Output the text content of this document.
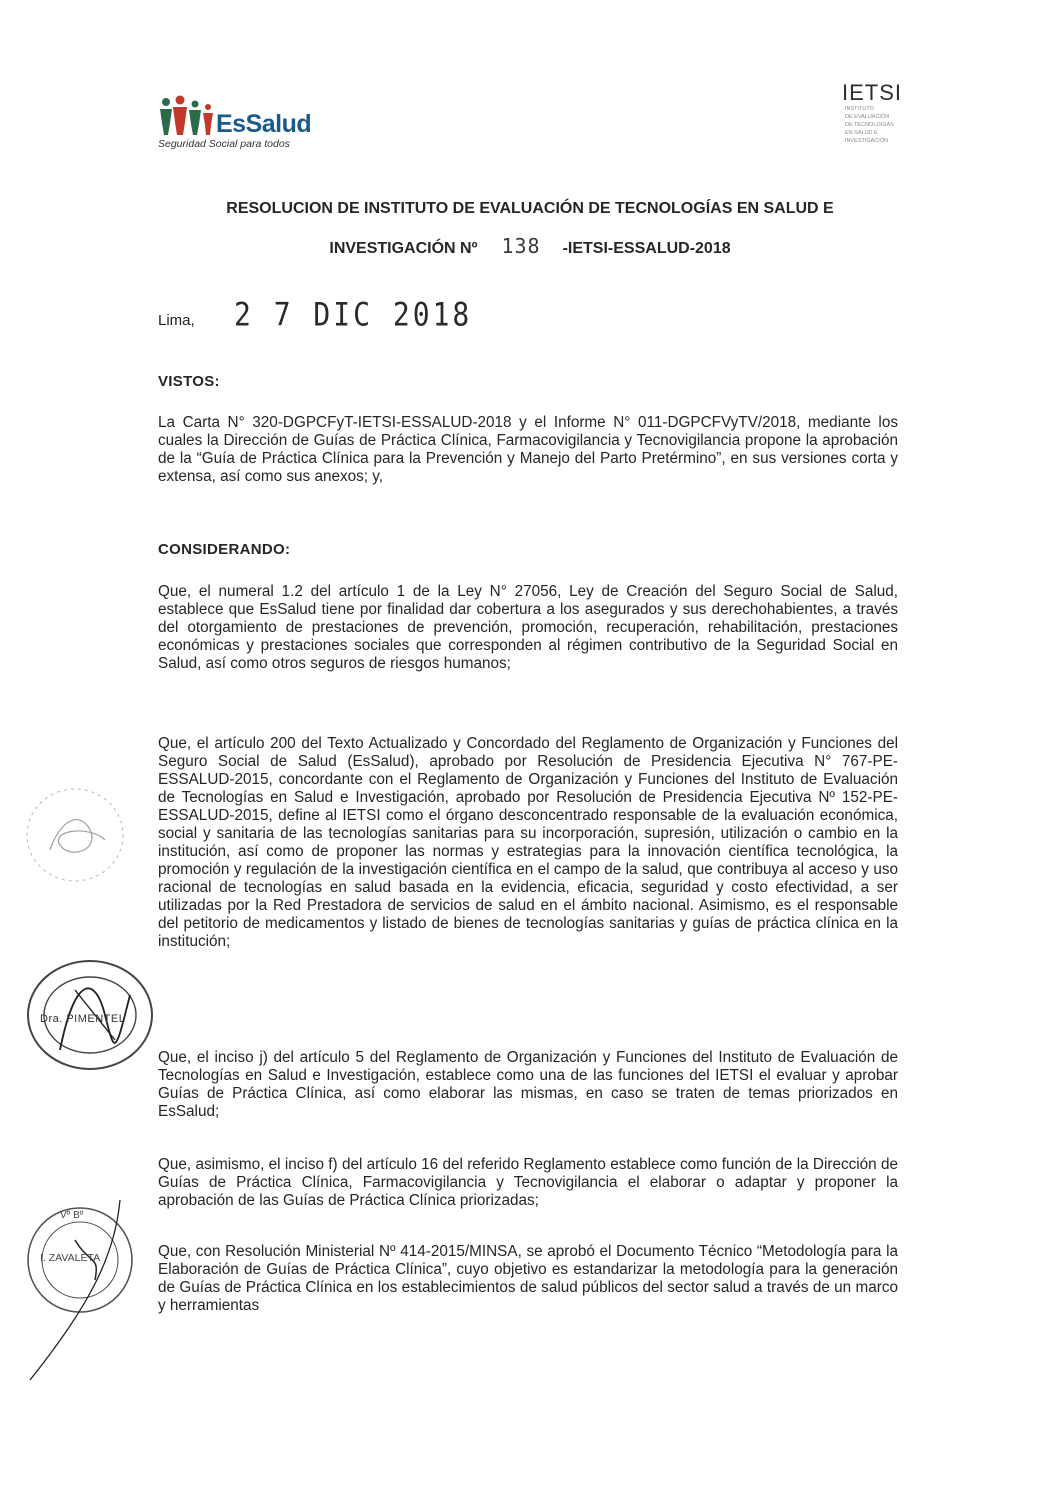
EsSalud
Seguridad Social para todos
IETSI
INSTITUTO
DE EVALUACIÓN
DE TECNOLOGÍAS
EN SALUD E
INVESTIGACIÓN
RESOLUCION DE INSTITUTO DE EVALUACIÓN DE TECNOLOGÍAS EN SALUD E
INVESTIGACIÓN Nº 138 -IETSI-ESSALUD-2018
Lima, 2 7 DIC 2018
VISTOS:
La Carta N° 320-DGPCFyT-IETSI-ESSALUD-2018 y el Informe N° 011-DGPCFVyTV/2018, mediante los cuales la Dirección de Guías de Práctica Clínica, Farmacovigilancia y Tecnovigilancia propone la aprobación de la “Guía de Práctica Clínica para la Prevención y Manejo del Parto Pretérmino”, en sus versiones corta y extensa, así como sus anexos; y,
CONSIDERANDO:
Que, el numeral 1.2 del artículo 1 de la Ley N° 27056, Ley de Creación del Seguro Social de Salud, establece que EsSalud tiene por finalidad dar cobertura a los asegurados y sus derechohabientes, a través del otorgamiento de prestaciones de prevención, promoción, recuperación, rehabilitación, prestaciones económicas y prestaciones sociales que corresponden al régimen contributivo de la Seguridad Social en Salud, así como otros seguros de riesgos humanos;
Que, el artículo 200 del Texto Actualizado y Concordado del Reglamento de Organización y Funciones del Seguro Social de Salud (EsSalud), aprobado por Resolución de Presidencia Ejecutiva N° 767-PE-ESSALUD-2015, concordante con el Reglamento de Organización y Funciones del Instituto de Evaluación de Tecnologías en Salud e Investigación, aprobado por Resolución de Presidencia Ejecutiva Nº 152-PE-ESSALUD-2015, define al IETSI como el órgano desconcentrado responsable de la evaluación económica, social y sanitaria de las tecnologías sanitarias para su incorporación, supresión, utilización o cambio en la institución, así como de proponer las normas y estrategias para la innovación científica tecnológica, la promoción y regulación de la investigación científica en el campo de la salud, que contribuya al acceso y uso racional de tecnologías en salud basada en la evidencia, eficacia, seguridad y costo efectividad, a ser utilizadas por la Red Prestadora de servicios de salud en el ámbito nacional. Asimismo, es el responsable del petitorio de medicamentos y listado de bienes de tecnologías sanitarias y guías de práctica clínica en la institución;
Que, el inciso j) del artículo 5 del Reglamento de Organización y Funciones del Instituto de Evaluación de Tecnologías en Salud e Investigación, establece como una de las funciones del IETSI el evaluar y aprobar Guías de Práctica Clínica, así como elaborar las mismas, en caso se traten de temas priorizados en EsSalud;
Que, asimismo, el inciso f) del artículo 16 del referido Reglamento establece como función de la Dirección de Guías de Práctica Clínica, Farmacovigilancia y Tecnovigilancia el elaborar o adaptar y proponer la aprobación de las Guías de Práctica Clínica priorizadas;
Que, con Resolución Ministerial Nº 414-2015/MINSA, se aprobó el Documento Técnico “Metodología para la Elaboración de Guías de Práctica Clínica”, cuyo objetivo es estandarizar la metodología para la generación de Guías de Práctica Clínica en los establecimientos de salud públicos del sector salud a través de un marco y herramientas
Dra. PIMENTEL
Vº Bº
I. ZAVALETA
